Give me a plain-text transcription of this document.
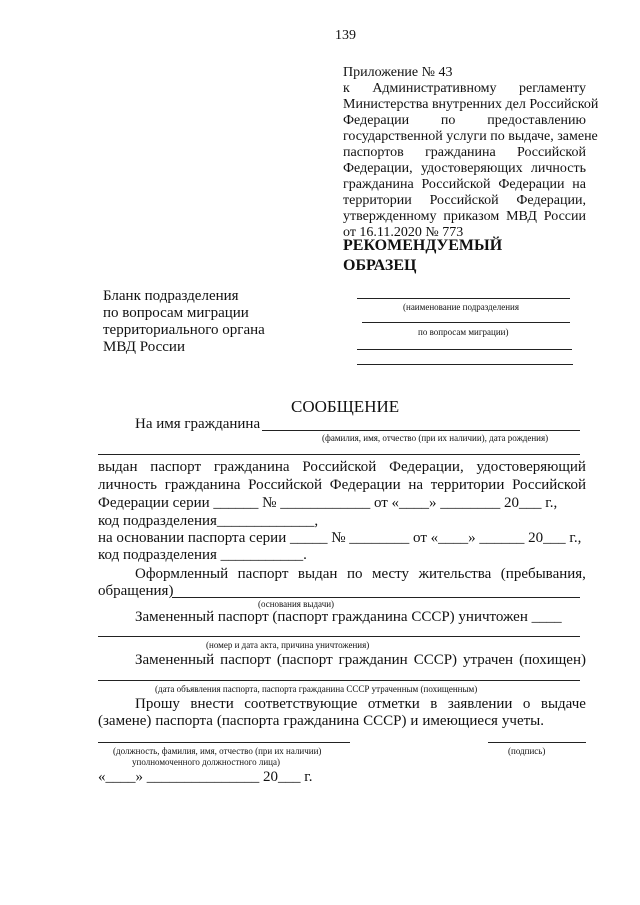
139
Приложение № 43
к Административному регламенту
Министерства внутренних дел Российской
Федерации по предоставлению
государственной услуги по выдаче, замене
паспортов гражданина Российской
Федерации, удостоверяющих личность
гражданина Российской Федерации на
территории Российской Федерации,
утвержденному приказом МВД России
от 16.11.2020 № 773
РЕКОМЕНДУЕМЫЙ
ОБРАЗЕЦ
Бланк подразделения
по вопросам миграции
территориального органа
МВД России
(наименование подразделения
по вопросам миграции)
СООБЩЕНИЕ
На имя гражданина
(фамилия, имя, отчество (при их наличии), дата рождения)
выдан паспорт гражданина Российской Федерации, удостоверяющий
личность гражданина Российской Федерации на территории Российской
Федерации серии ______ № ____________ от «____» ________ 20___ г.,
код подразделения_____________,
на основании паспорта серии _____ № ________ от «____» ______ 20___ г.,
код подразделения ___________.
Оформленный паспорт выдан по месту жительства (пребывания,
обращения)
(основания выдачи)
Замененный паспорт (паспорт гражданина СССР) уничтожен ____
(номер и дата акта, причина уничтожения)
Замененный паспорт (паспорт гражданин СССР) утрачен (похищен)
(дата объявления паспорта, паспорта гражданина СССР утраченным (похищенным)
Прошу внести соответствующие отметки в заявлении о выдаче
(замене) паспорта (паспорта гражданина СССР) и имеющиеся учеты.
(должность, фамилия, имя, отчество (при их наличии)
уполномоченного должностного лица)
(подпись)
«____» _______________ 20___ г.
